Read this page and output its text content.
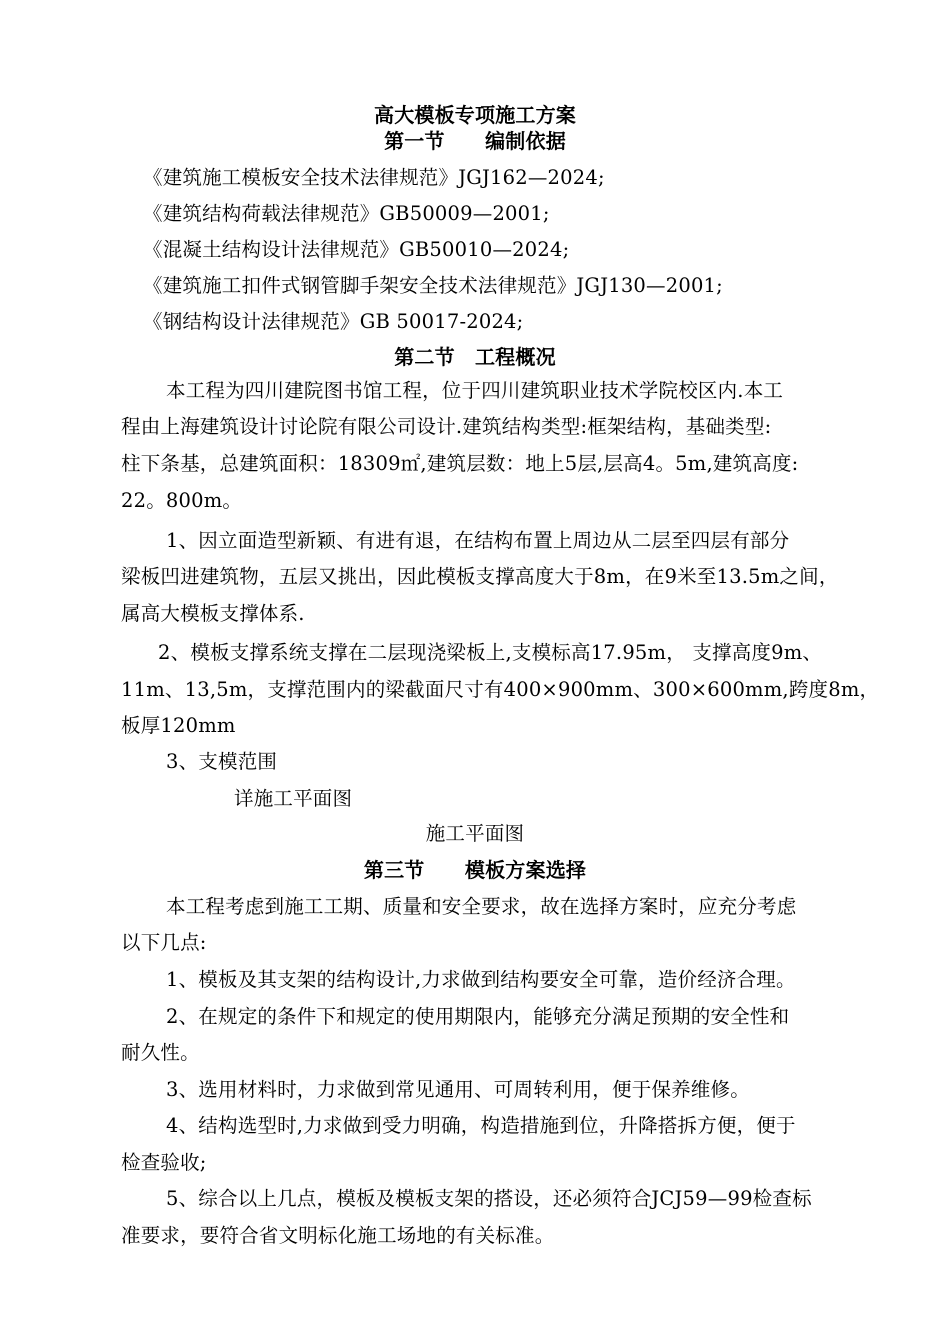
高大模板专项施工方案
第一节　　编制依据
《建筑施工模板安全技术法律规范》JGJ162—2024;
《建筑结构荷载法律规范》GB50009—2001;
《混凝土结构设计法律规范》GB50010—2024;
《建筑施工扣件式钢管脚手架安全技术法律规范》JGJ130—2001;
《钢结构设计法律规范》GB 50017-2024;
第二节　工程概况
本工程为四川建院图书馆工程，位于四川建筑职业技术学院校区内.本工
程由上海建筑设计讨论院有限公司设计.建筑结构类型:框架结构，基础类型:
柱下条基，总建筑面积：18309㎡,建筑层数：地上5层,层高4。5m,建筑高度:
22。800m。
1、因立面造型新颖、有进有退，在结构布置上周边从二层至四层有部分
梁板凹进建筑物，五层又挑出，因此模板支撑高度大于8m，在9米至13.5m之间，
属高大模板支撑体系.
2、模板支撑系统支撑在二层现浇梁板上,支模标高17.95m， 支撑高度9m、
11m、13,5m，支撑范围内的梁截面尺寸有400×900mm、300×600mm,跨度8m，
板厚120mm
3、支模范围
详施工平面图
施工平面图
第三节　　模板方案选择
本工程考虑到施工工期、质量和安全要求，故在选择方案时，应充分考虑
以下几点:
1、模板及其支架的结构设计,力求做到结构要安全可靠，造价经济合理。
2、在规定的条件下和规定的使用期限内，能够充分满足预期的安全性和
耐久性。
3、选用材料时，力求做到常见通用、可周转利用，便于保养维修。
4、结构选型时,力求做到受力明确，构造措施到位，升降搭拆方便，便于
检查验收;
5、综合以上几点，模板及模板支架的搭设，还必须符合JCJ59—99检查标
准要求，要符合省文明标化施工场地的有关标准。
